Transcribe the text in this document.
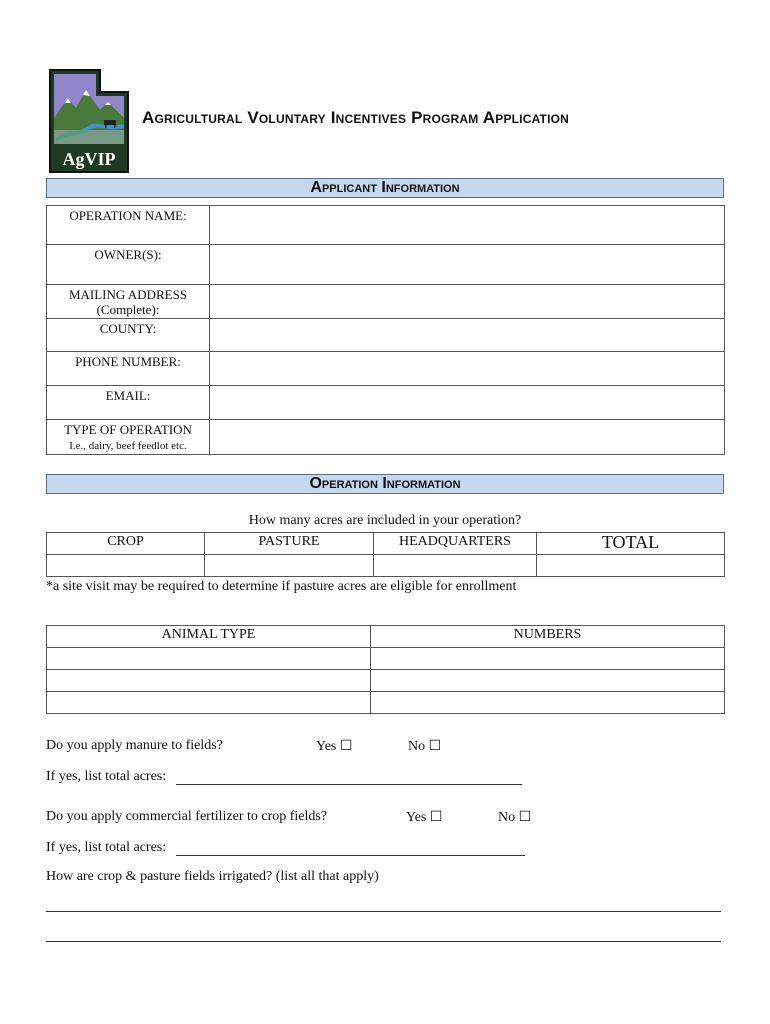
AgVIP
Agricultural Voluntary Incentives Program Application
Applicant Information
OPERATION NAME:	
OWNER(S):	
MAILING ADDRESS (Complete):	
COUNTY:	
PHONE NUMBER:	
EMAIL:	
TYPE OF OPERATION
I.e., dairy, beef feedlot etc.	
Operation Information
How many acres are included in your operation?
CROP	PASTURE	HEADQUARTERS	TOTAL

*a site visit may be required to determine if pasture acres are eligible for enrollment
ANIMAL TYPE	NUMBERS

Do you apply manure to fields?	Yes ☐	No ☐
If yes, list total acres:
Do you apply commercial fertilizer to crop fields?	Yes ☐	No ☐
If yes, list total acres:
How are crop & pasture fields irrigated? (list all that apply)
